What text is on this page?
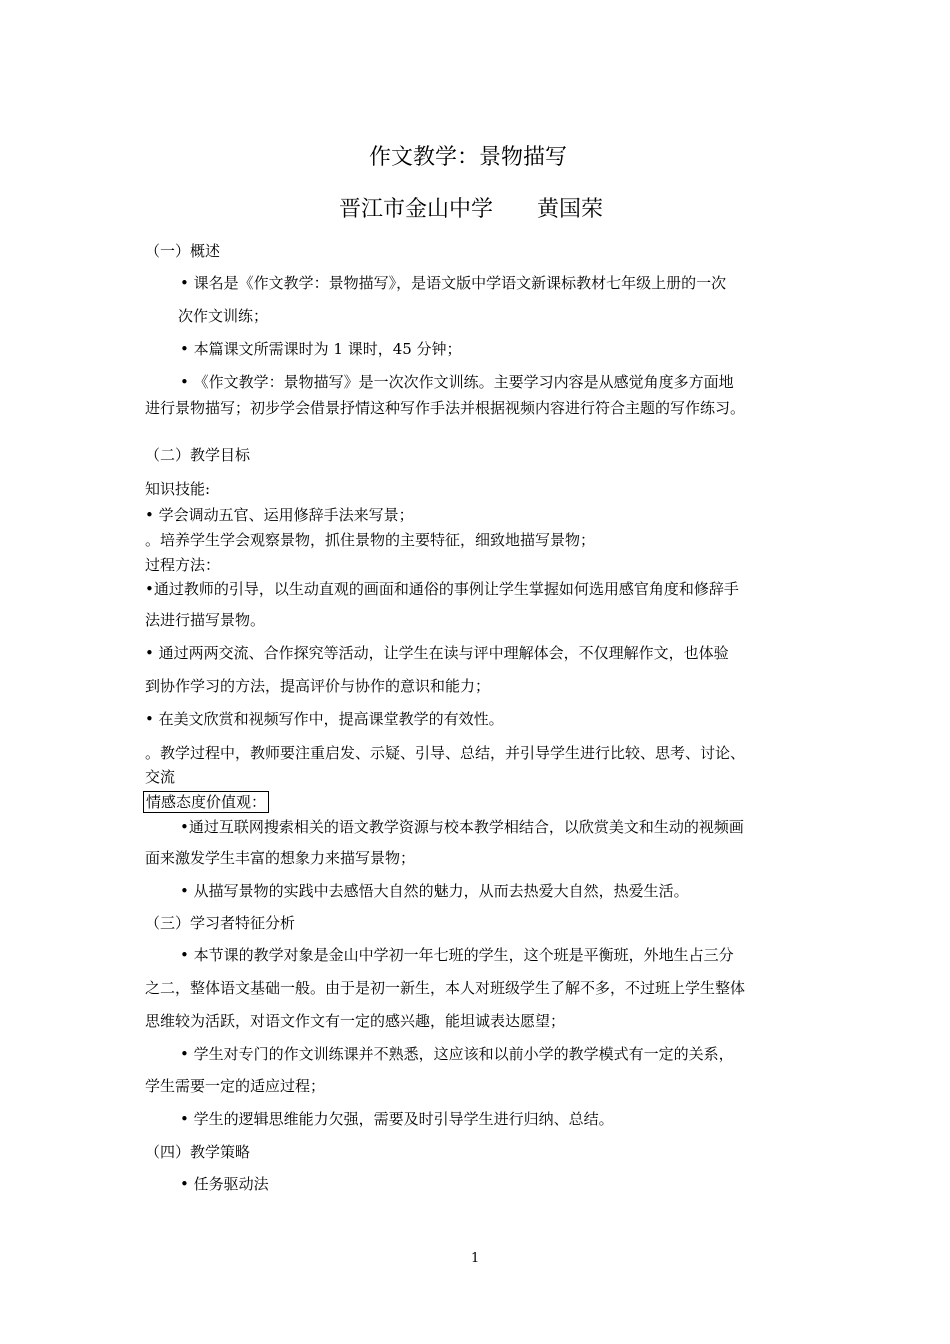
作文教学：景物描写
晋江市金山中学　　黄国荣
（一）概述
• 课名是《作文教学：景物描写》，是语文版中学语文新课标教材七年级上册的一次
次作文训练；
• 本篇课文所需课时为 1 课时，45 分钟；
• 《作文教学：景物描写》是一次次作文训练。主要学习内容是从感觉角度多方面地
进行景物描写；初步学会借景抒情这种写作手法并根据视频内容进行符合主题的写作练习。
（二）教学目标
知识技能:
• 学会调动五官、运用修辞手法来写景；
。培养学生学会观察景物，抓住景物的主要特征，细致地描写景物；
过程方法：
•通过教师的引导，以生动直观的画面和通俗的事例让学生掌握如何选用感官角度和修辞手
法进行描写景物。
• 通过两两交流、合作探究等活动，让学生在读与评中理解体会，不仅理解作文，也体验
到协作学习的方法，提高评价与协作的意识和能力；
• 在美文欣赏和视频写作中，提高课堂教学的有效性。
。教学过程中，教师要注重启发、示疑、引导、总结，并引导学生进行比较、思考、讨论、
交流
情感态度价值观：
•通过互联网搜索相关的语文教学资源与校本教学相结合，以欣赏美文和生动的视频画
面来激发学生丰富的想象力来描写景物；
• 从描写景物的实践中去感悟大自然的魅力，从而去热爱大自然，热爱生活。
（三）学习者特征分析
• 本节课的教学对象是金山中学初一年七班的学生，这个班是平衡班，外地生占三分
之二，整体语文基础一般。由于是初一新生，本人对班级学生了解不多，不过班上学生整体
思维较为活跃，对语文作文有一定的感兴趣，能坦诚表达愿望；
• 学生对专门的作文训练课并不熟悉，这应该和以前小学的教学模式有一定的关系，
学生需要一定的适应过程；
• 学生的逻辑思维能力欠强，需要及时引导学生进行归纳、总结。
（四）教学策略
• 任务驱动法
1
